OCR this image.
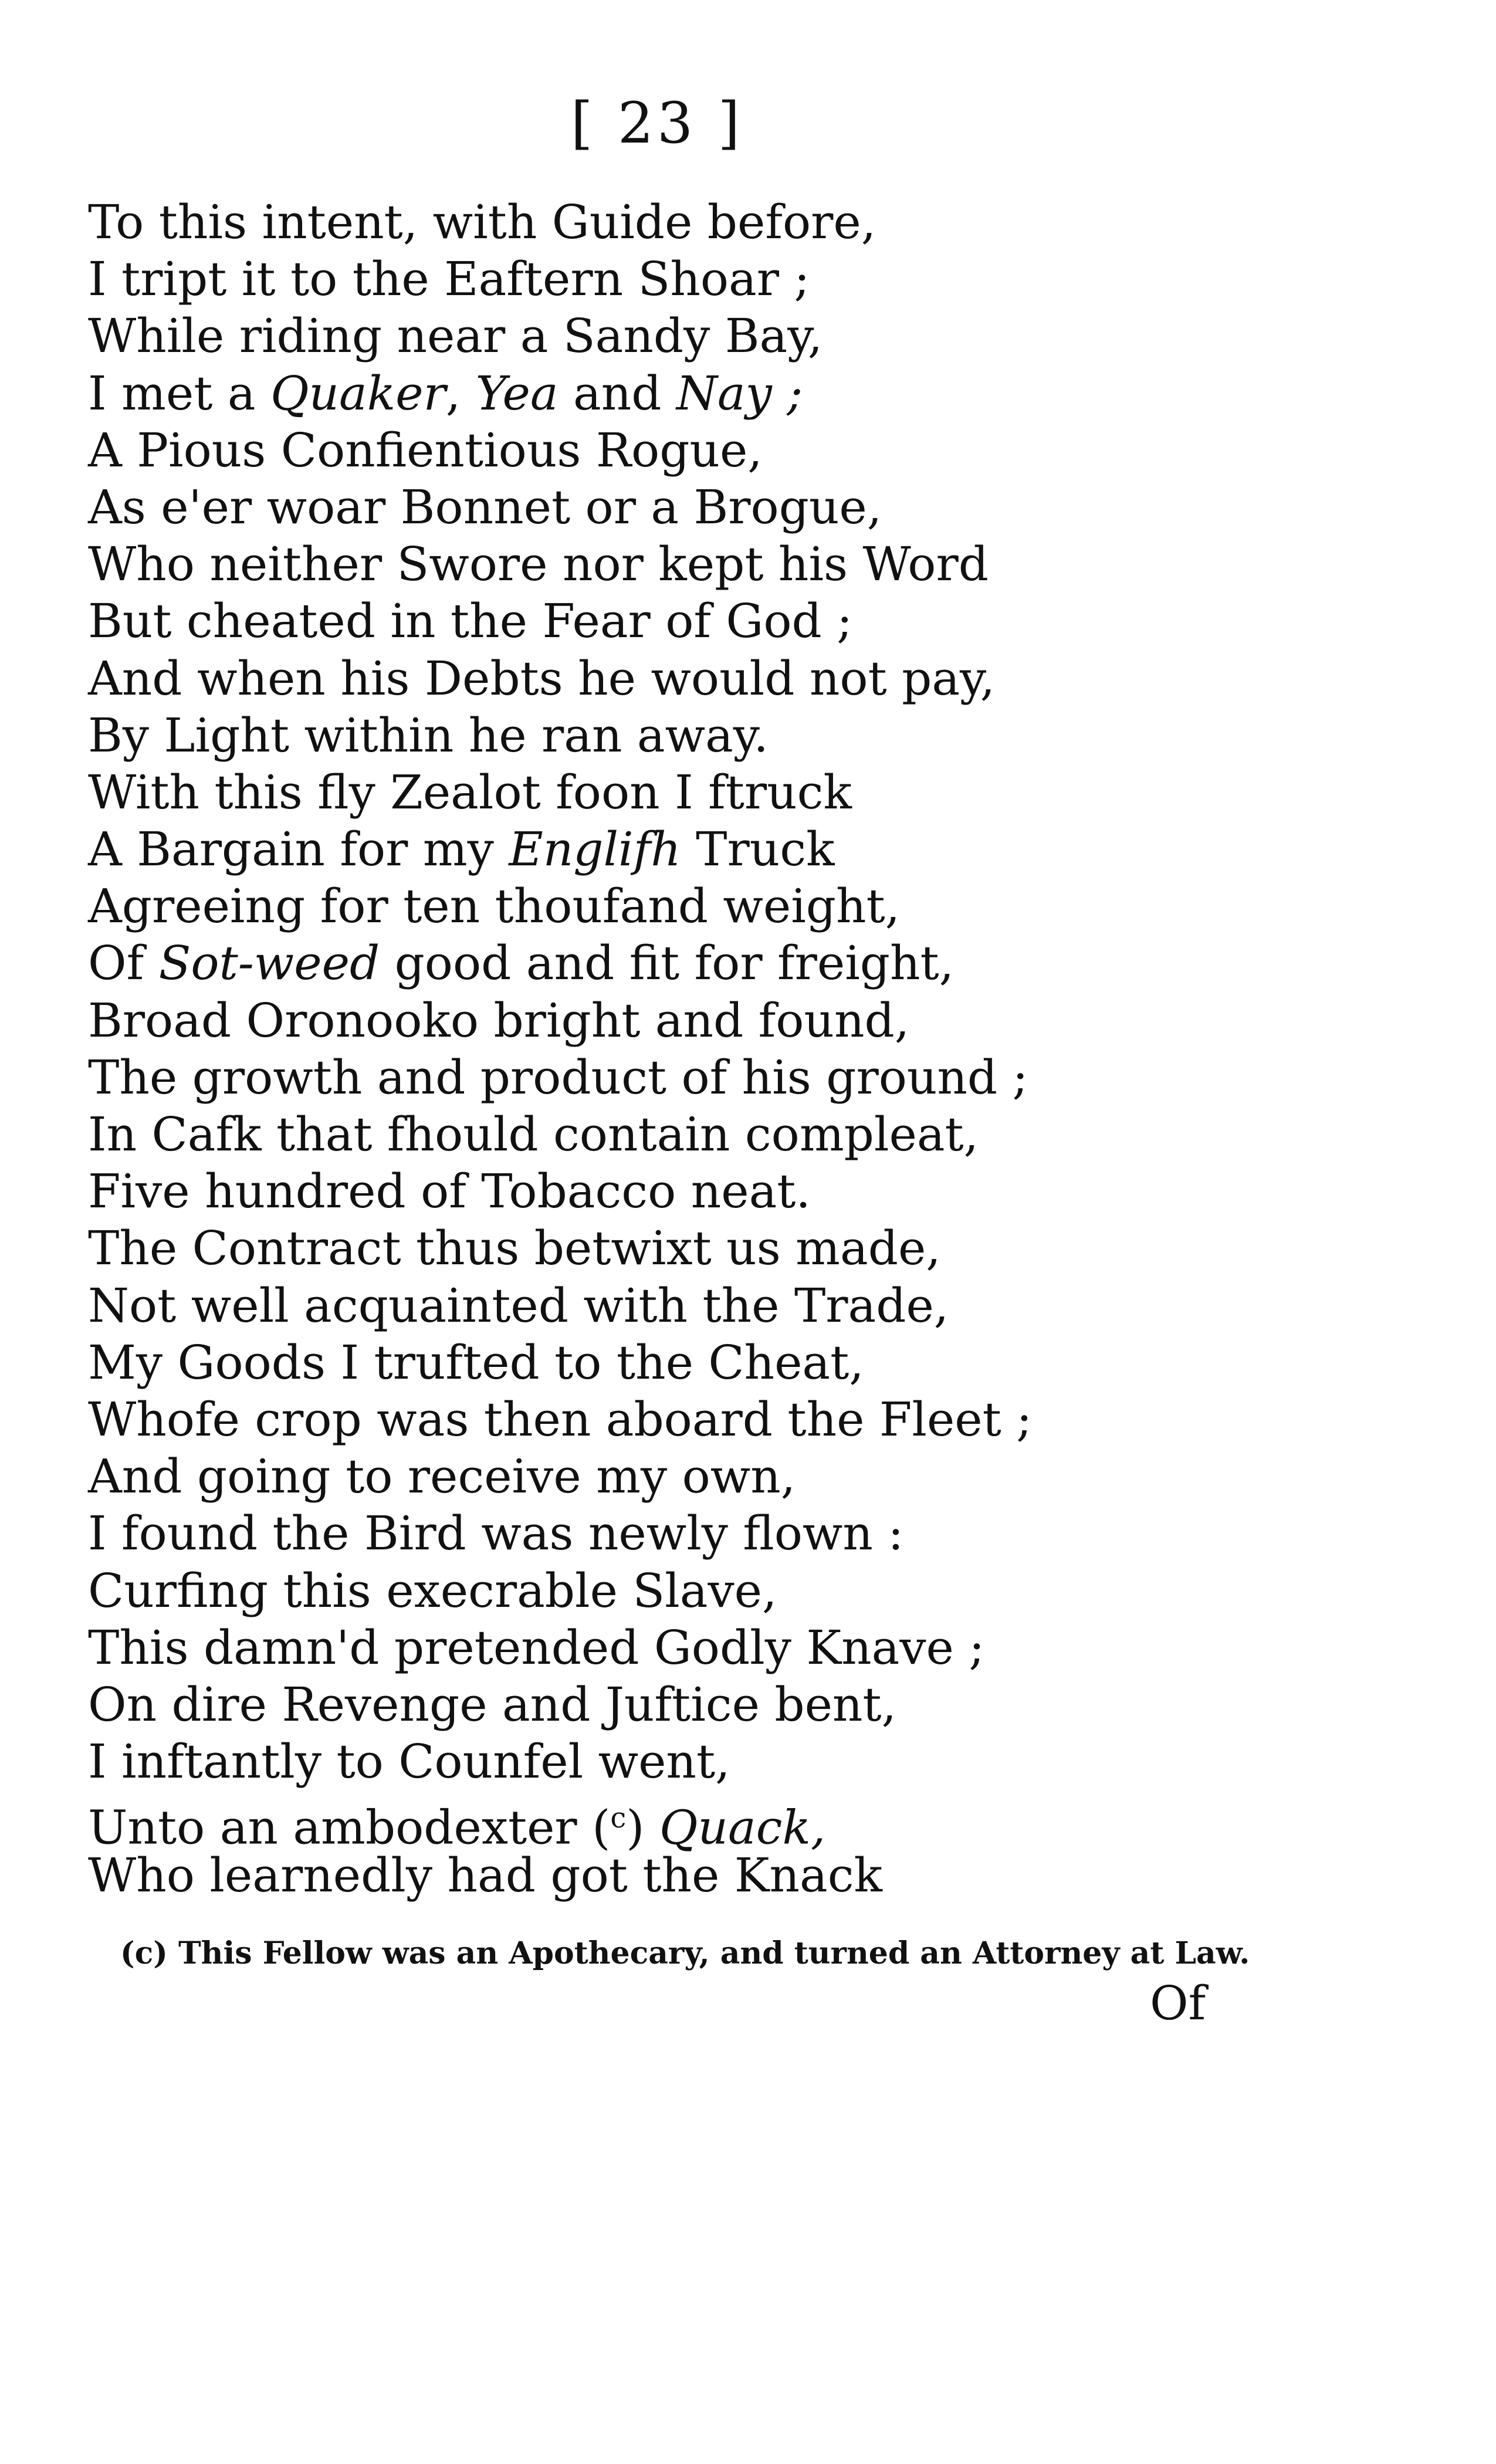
[ 23 ]
To this intent, with Guide before,
I tript it to the Eaftern Shoar ;
While riding near a Sandy Bay,
I met a Quaker, Yea and Nay ;
A Pious Confientious Rogue,
As e'er woar Bonnet or a Brogue,
Who neither Swore nor kept his Word
But cheated in the Fear of God ;
And when his Debts he would not pay,
By Light within he ran away.
With this fly Zealot foon I ftruck
A Bargain for my Englifh Truck
Agreeing for ten thoufand weight,
Of Sot-weed good and fit for freight,
Broad Oronooko bright and found,
The growth and product of his ground ;
In Cafk that fhould contain compleat,
Five hundred of Tobacco neat.
The Contract thus betwixt us made,
Not well acquainted with the Trade,
My Goods I trufted to the Cheat,
Whofe crop was then aboard the Fleet ;
And going to receive my own,
I found the Bird was newly flown :
Curfing this execrable Slave,
This damn'd pretended Godly Knave ;
On dire Revenge and Juftice bent,
I inftantly to Counfel went,
Unto an ambodexter ($^c$) Quack,
Who learnedly had got the Knack
(c) This Fellow was an Apothecary, and turned an Attorney at Law.
Of
